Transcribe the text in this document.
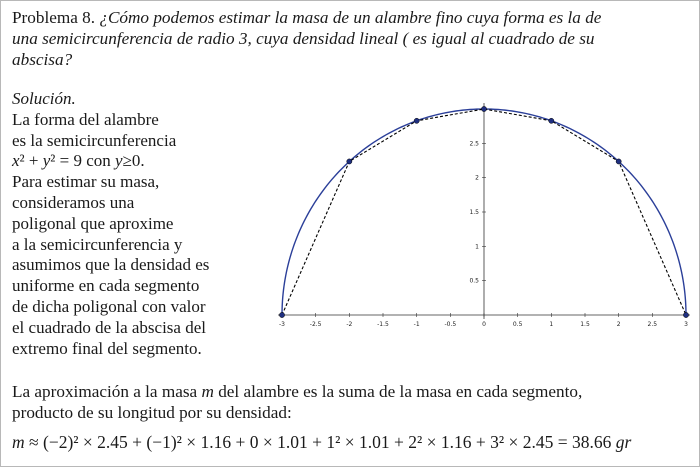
Problema 8. ¿Cómo podemos estimar la masa de un alambre fino cuya forma es la de
una semicircunferencia de radio 3, cuya densidad lineal ( es igual al cuadrado de su
abscisa?
Solución.
La forma del alambre
es la semicircunferencia
x² + y² = 9 con y≥0.
Para estimar su masa,
consideramos una
poligonal que aproxime
a la semicircunferencia y
asumimos que la densidad es
uniforme en cada segmento
de dicha poligonal con valor
el cuadrado de la abscisa del
extremo final del segmento.
-3	-2.5	-2	-1.5	-1	-0.5	0	0.5	1	1.5	2	2.5	3
0.5
1
1.5
2
2.5
La aproximación a la masa m del alambre es la suma de la masa en cada segmento,
producto de su longitud por su densidad:
m ≈ (−2)² × 2.45 + (−1)² × 1.16 + 0 × 1.01 + 1² × 1.01 + 2² × 1.16 + 3² × 2.45 = 38.66 gr
